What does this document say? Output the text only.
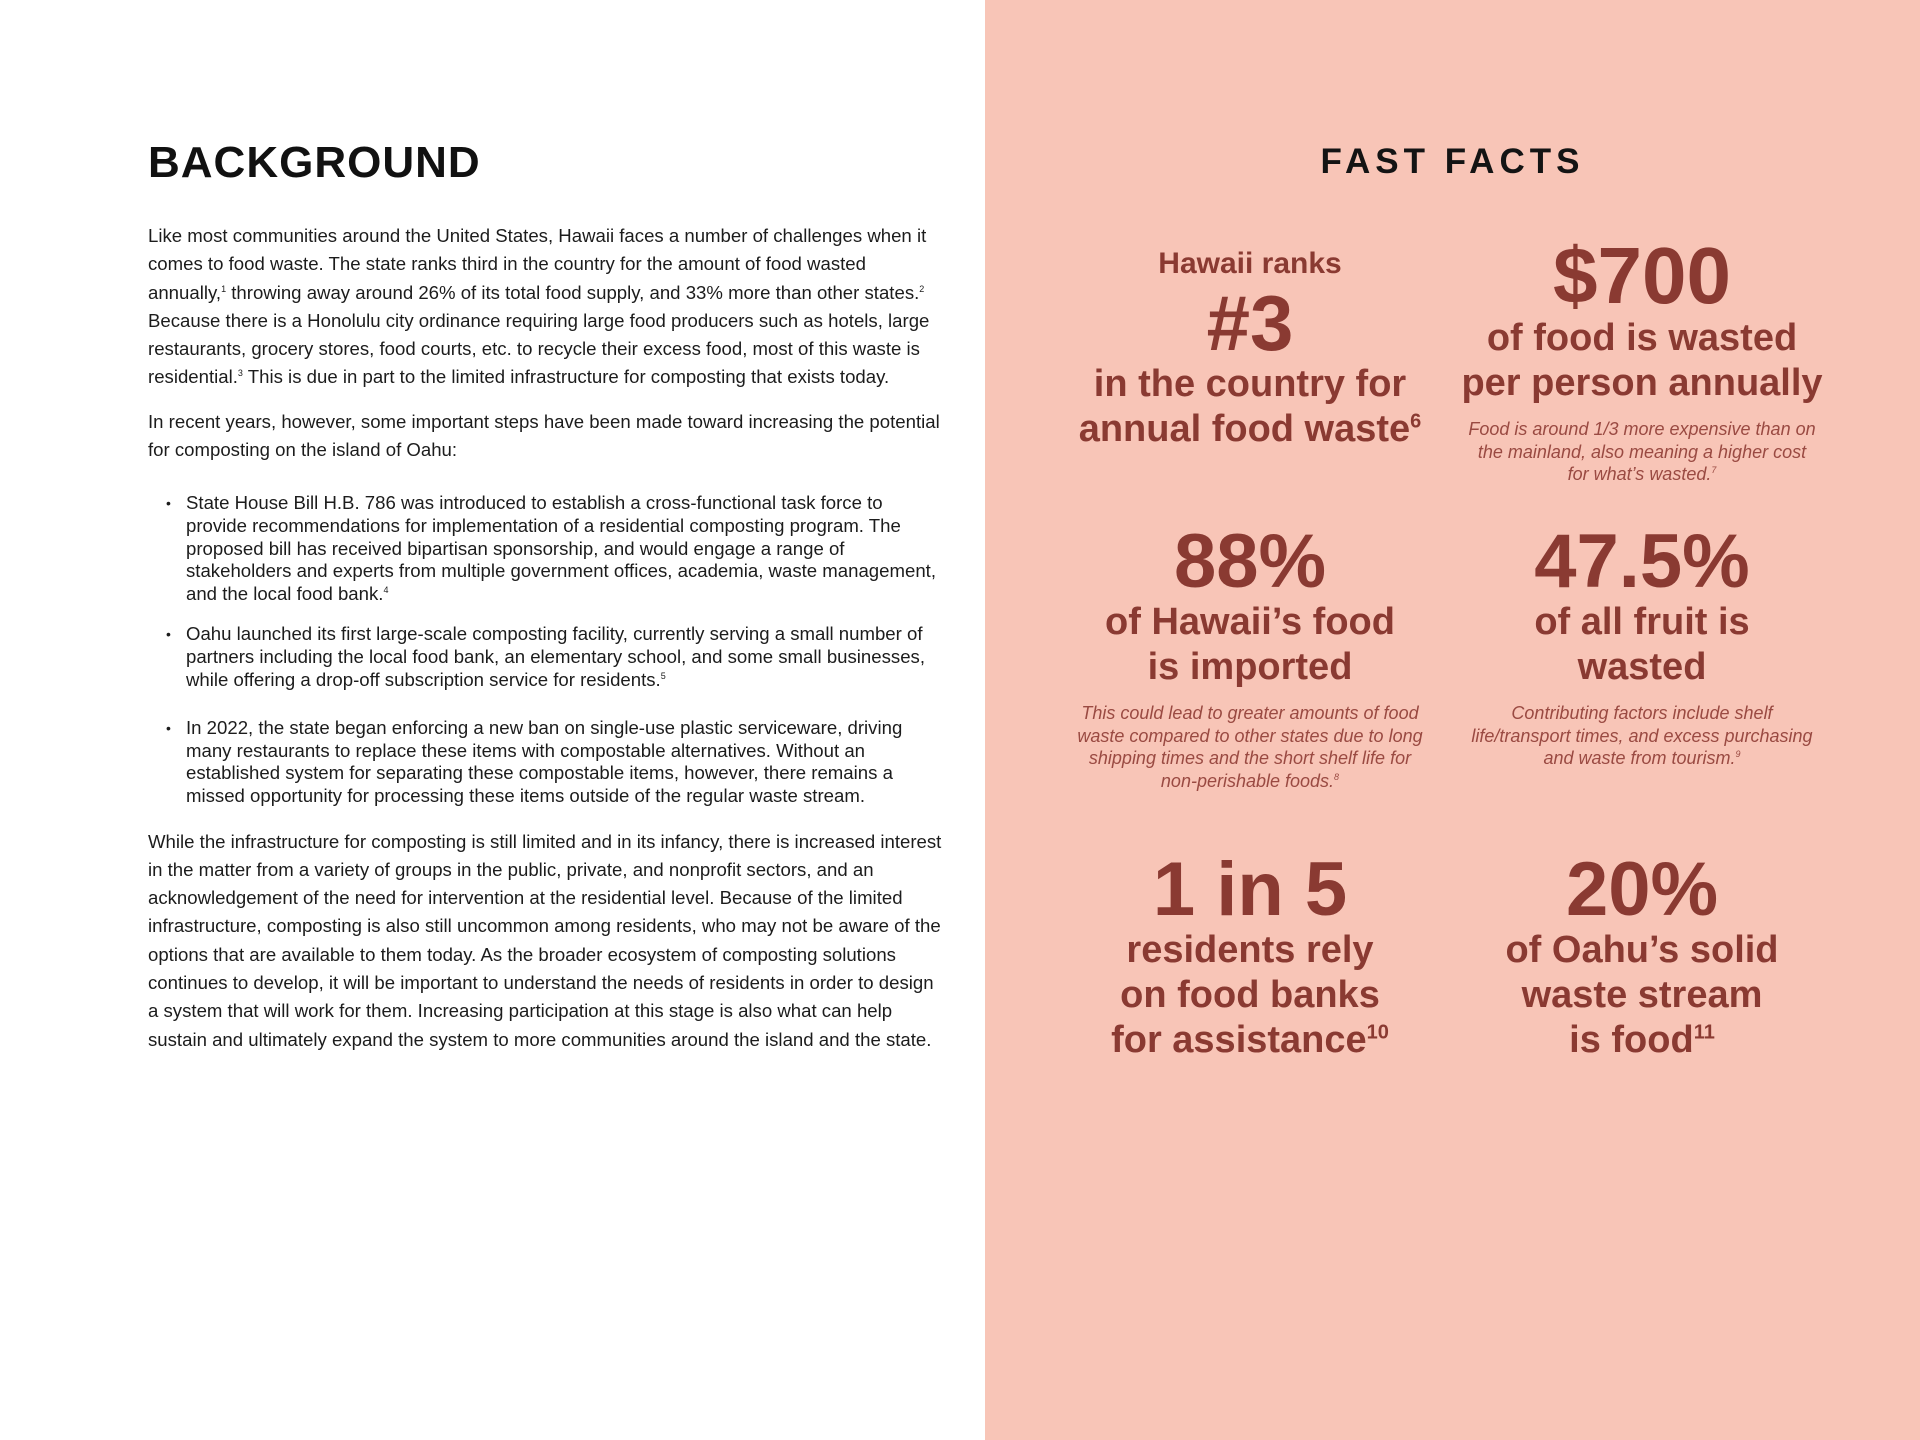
BACKGROUND

Like most communities around the United States, Hawaii faces a number of challenges when it comes to food waste. The state ranks third in the country for the amount of food wasted annually,$^1$ throwing away around 26% of its total food supply, and 33% more than other states.$^2$ Because there is a Honolulu city ordinance requiring large food producers such as hotels, large restaurants, grocery stores, food courts, etc. to recycle their excess food, most of this waste is residential.$^3$ This is due in part to the limited infrastructure for composting that exists today.

In recent years, however, some important steps have been made toward increasing the potential for composting on the island of Oahu:

• State House Bill H.B. 786 was introduced to establish a cross-functional task force to provide recommendations for implementation of a residential composting program. The proposed bill has received bipartisan sponsorship, and would engage a range of stakeholders and experts from multiple government offices, academia, waste management, and the local food bank.$^4$
• Oahu launched its first large-scale composting facility, currently serving a small number of partners including the local food bank, an elementary school, and some small businesses, while offering a drop-off subscription service for residents.$^5$
• In 2022, the state began enforcing a new ban on single-use plastic serviceware, driving many restaurants to replace these items with compostable alternatives. Without an established system for separating these compostable items, however, there remains a missed opportunity for processing these items outside of the regular waste stream.

While the infrastructure for composting is still limited and in its infancy, there is increased interest in the matter from a variety of groups in the public, private, and nonprofit sectors, and an acknowledgement of the need for intervention at the residential level. Because of the limited infrastructure, composting is also still uncommon among residents, who may not be aware of the options that are available to them today. As the broader ecosystem of composting solutions continues to develop, it will be important to understand the needs of residents in order to design a system that will work for them. Increasing participation at this stage is also what can help sustain and ultimately expand the system to more communities around the island and the state.

FAST FACTS
Hawaii ranks
#3
in the country for
annual food waste$^6$
$700
of food is wasted
per person annually
Food is around 1/3 more expensive than on the mainland, also meaning a higher cost for what’s wasted.$^7$
88%
of Hawaii’s food
is imported
This could lead to greater amounts of food waste compared to other states due to long shipping times and the short shelf life for non-perishable foods.$^8$
47.5%
of all fruit is
wasted
Contributing factors include shelf life/transport times, and excess purchasing and waste from tourism.$^9$
1 in 5
residents rely
on food banks
for assistance$^{10}$
20%
of Oahu’s solid
waste stream
is food$^{11}$
